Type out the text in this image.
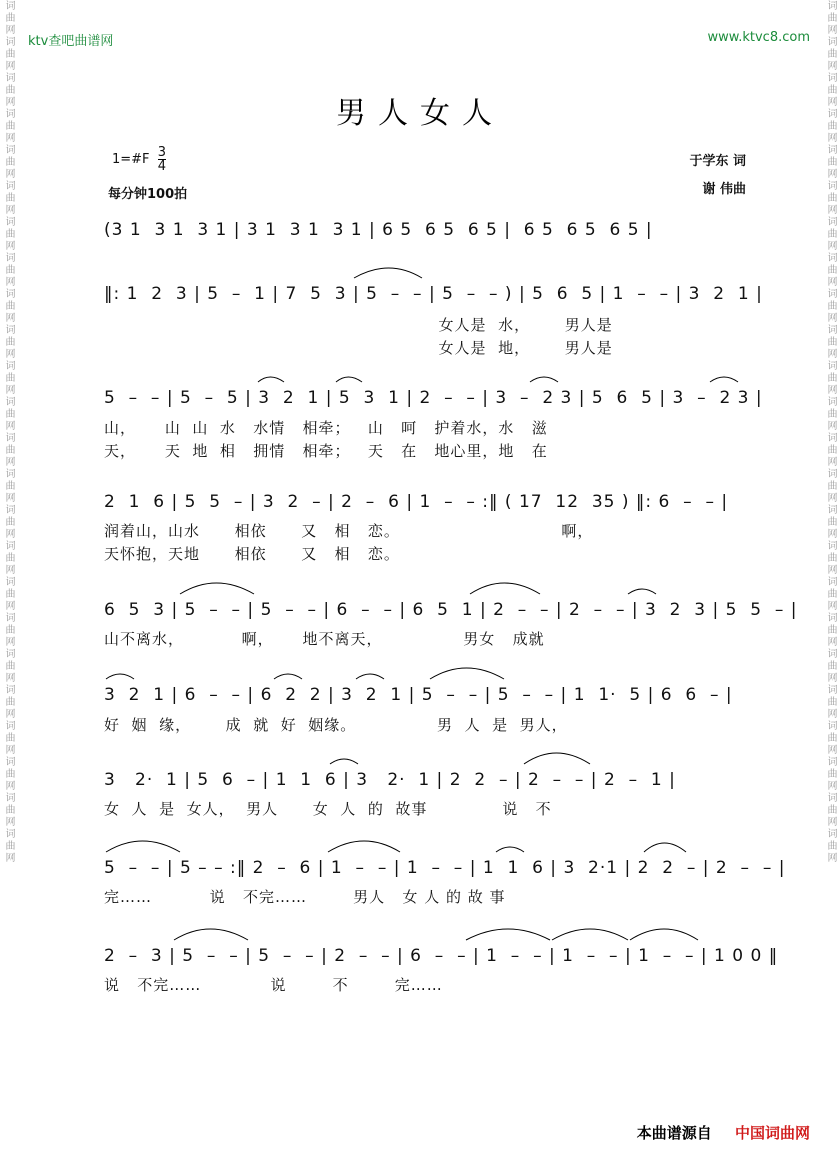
词曲网词曲网词曲网词曲网词曲网词曲网词曲网词曲网词曲网词曲网词曲网词曲网词曲网词曲网词曲网词曲网词曲网词曲网词曲网词曲网词曲网词曲网词曲网词曲网	词曲网词曲网词曲网词曲网词曲网词曲网词曲网词曲网词曲网词曲网词曲网词曲网词曲网词曲网词曲网词曲网词曲网词曲网词曲网词曲网词曲网词曲网词曲网词曲网
ktv查吧曲谱网	www.ktvc8.com
男人女人
1=#F $\frac{3}{4}$
每分钟100拍
于学东 词
谢 伟曲
(3 1  3 1  3 1 | 3 1  3 1  3 1 | 6 5  6 5  6 5 |  6 5  6 5  6 5 |
‖: 1  2  3 | 5  –  1 | 7  5  3 | 5  –  – | 5  –  – ) | 5  6  5 | 1  –  – | 3  2  1 |
女人是  水，      男人是
女人是  地，      男人是
5  –  – | 5  –  5 | 3  2  1 | 5  3  1 | 2  –  – | 3  –  2 3 | 5  6  5 | 3  –  2 3 |
山，     山  山  水   水情   相牵；   山   呵   护着水，水   滋
天，     天  地  相   拥情   相牵；   天   在   地心里，地   在
2  1  6 | 5  5  – | 3  2  – | 2  –  6 | 1  –  – :‖ ( 17  12  35 ) ‖: 6  –  – |
润着山，山水      相依      又   相   恋。                            啊，
天怀抱，天地      相依      又   相   恋。
6  5  3 | 5  –  – | 5  –  – | 6  –  – | 6  5  1 | 2  –  – | 2  –  – | 3  2  3 | 5  5  – |
山不离水，          啊，     地不离天，              男女   成就
3  2  1 | 6  –  – | 6  2  2 | 3  2  1 | 5  –  – | 5  –  – | 1  1·  5 | 6  6  – |
好  姻  缘，      成  就  好  姻缘。              男  人  是  男人，
3   2·  1 | 5  6  – | 1  1  6 | 3   2·  1 | 2  2  – | 2  –  – | 2  –  1 |
女  人  是  女人，  男人      女  人  的  故事             说   不
5  –  – | 5 – – :‖ 2  –  6 | 1  –  – | 1  –  – | 1  1  6 | 3  2·1 | 2  2  – | 2  –  – |
完……          说   不完……        男人   女 人 的 故 事
2  –  3 | 5  –  – | 5  –  – | 2  –  – | 6  –  – | 1  –  – | 1  –  – | 1  –  – | 1 0 0 ‖
说   不完……            说        不        完……
本曲谱源自 中国词曲网
